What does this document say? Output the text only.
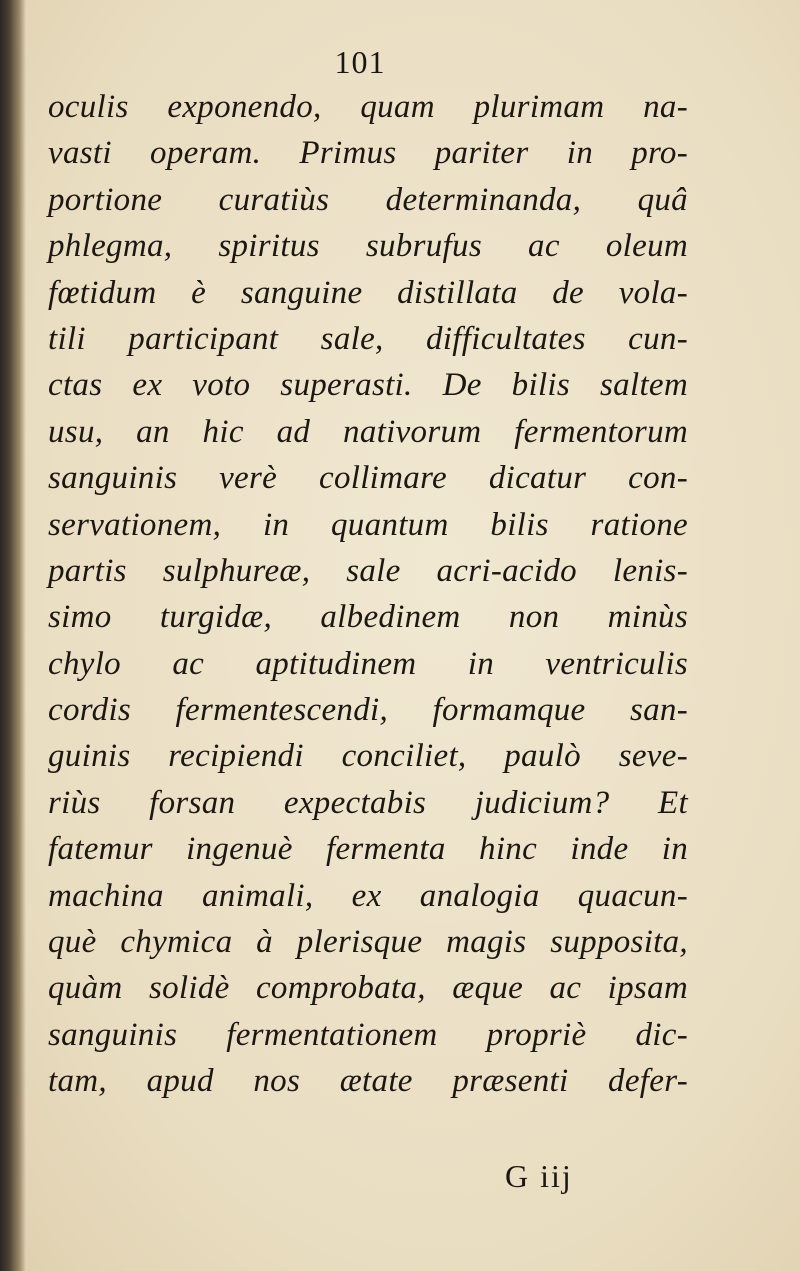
101
oculis exponendo, quam plurimam na-
vasti operam. Primus pariter in pro-
portione curatiùs determinanda, quâ
phlegma, spiritus subrufus ac oleum
fœtidum è sanguine distillata de vola-
tili participant sale, difficultates cun-
ctas ex voto superasti. De bilis saltem
usu, an hic ad nativorum fermentorum
sanguinis verè collimare dicatur con-
servationem, in quantum bilis ratione
partis sulphureæ, sale acri-acido lenis-
simo turgidæ, albedinem non minùs
chylo ac aptitudinem in ventriculis
cordis fermentescendi, formamque san-
guinis recipiendi conciliet, paulò seve-
riùs forsan expectabis judicium? Et
fatemur ingenuè fermenta hinc inde in
machina animali, ex analogia quacun-
què chymica à plerisque magis supposita,
quàm solidè comprobata, æque ac ipsam
sanguinis fermentationem propriè dic-
tam, apud nos ætate præsenti defer-
G iij
